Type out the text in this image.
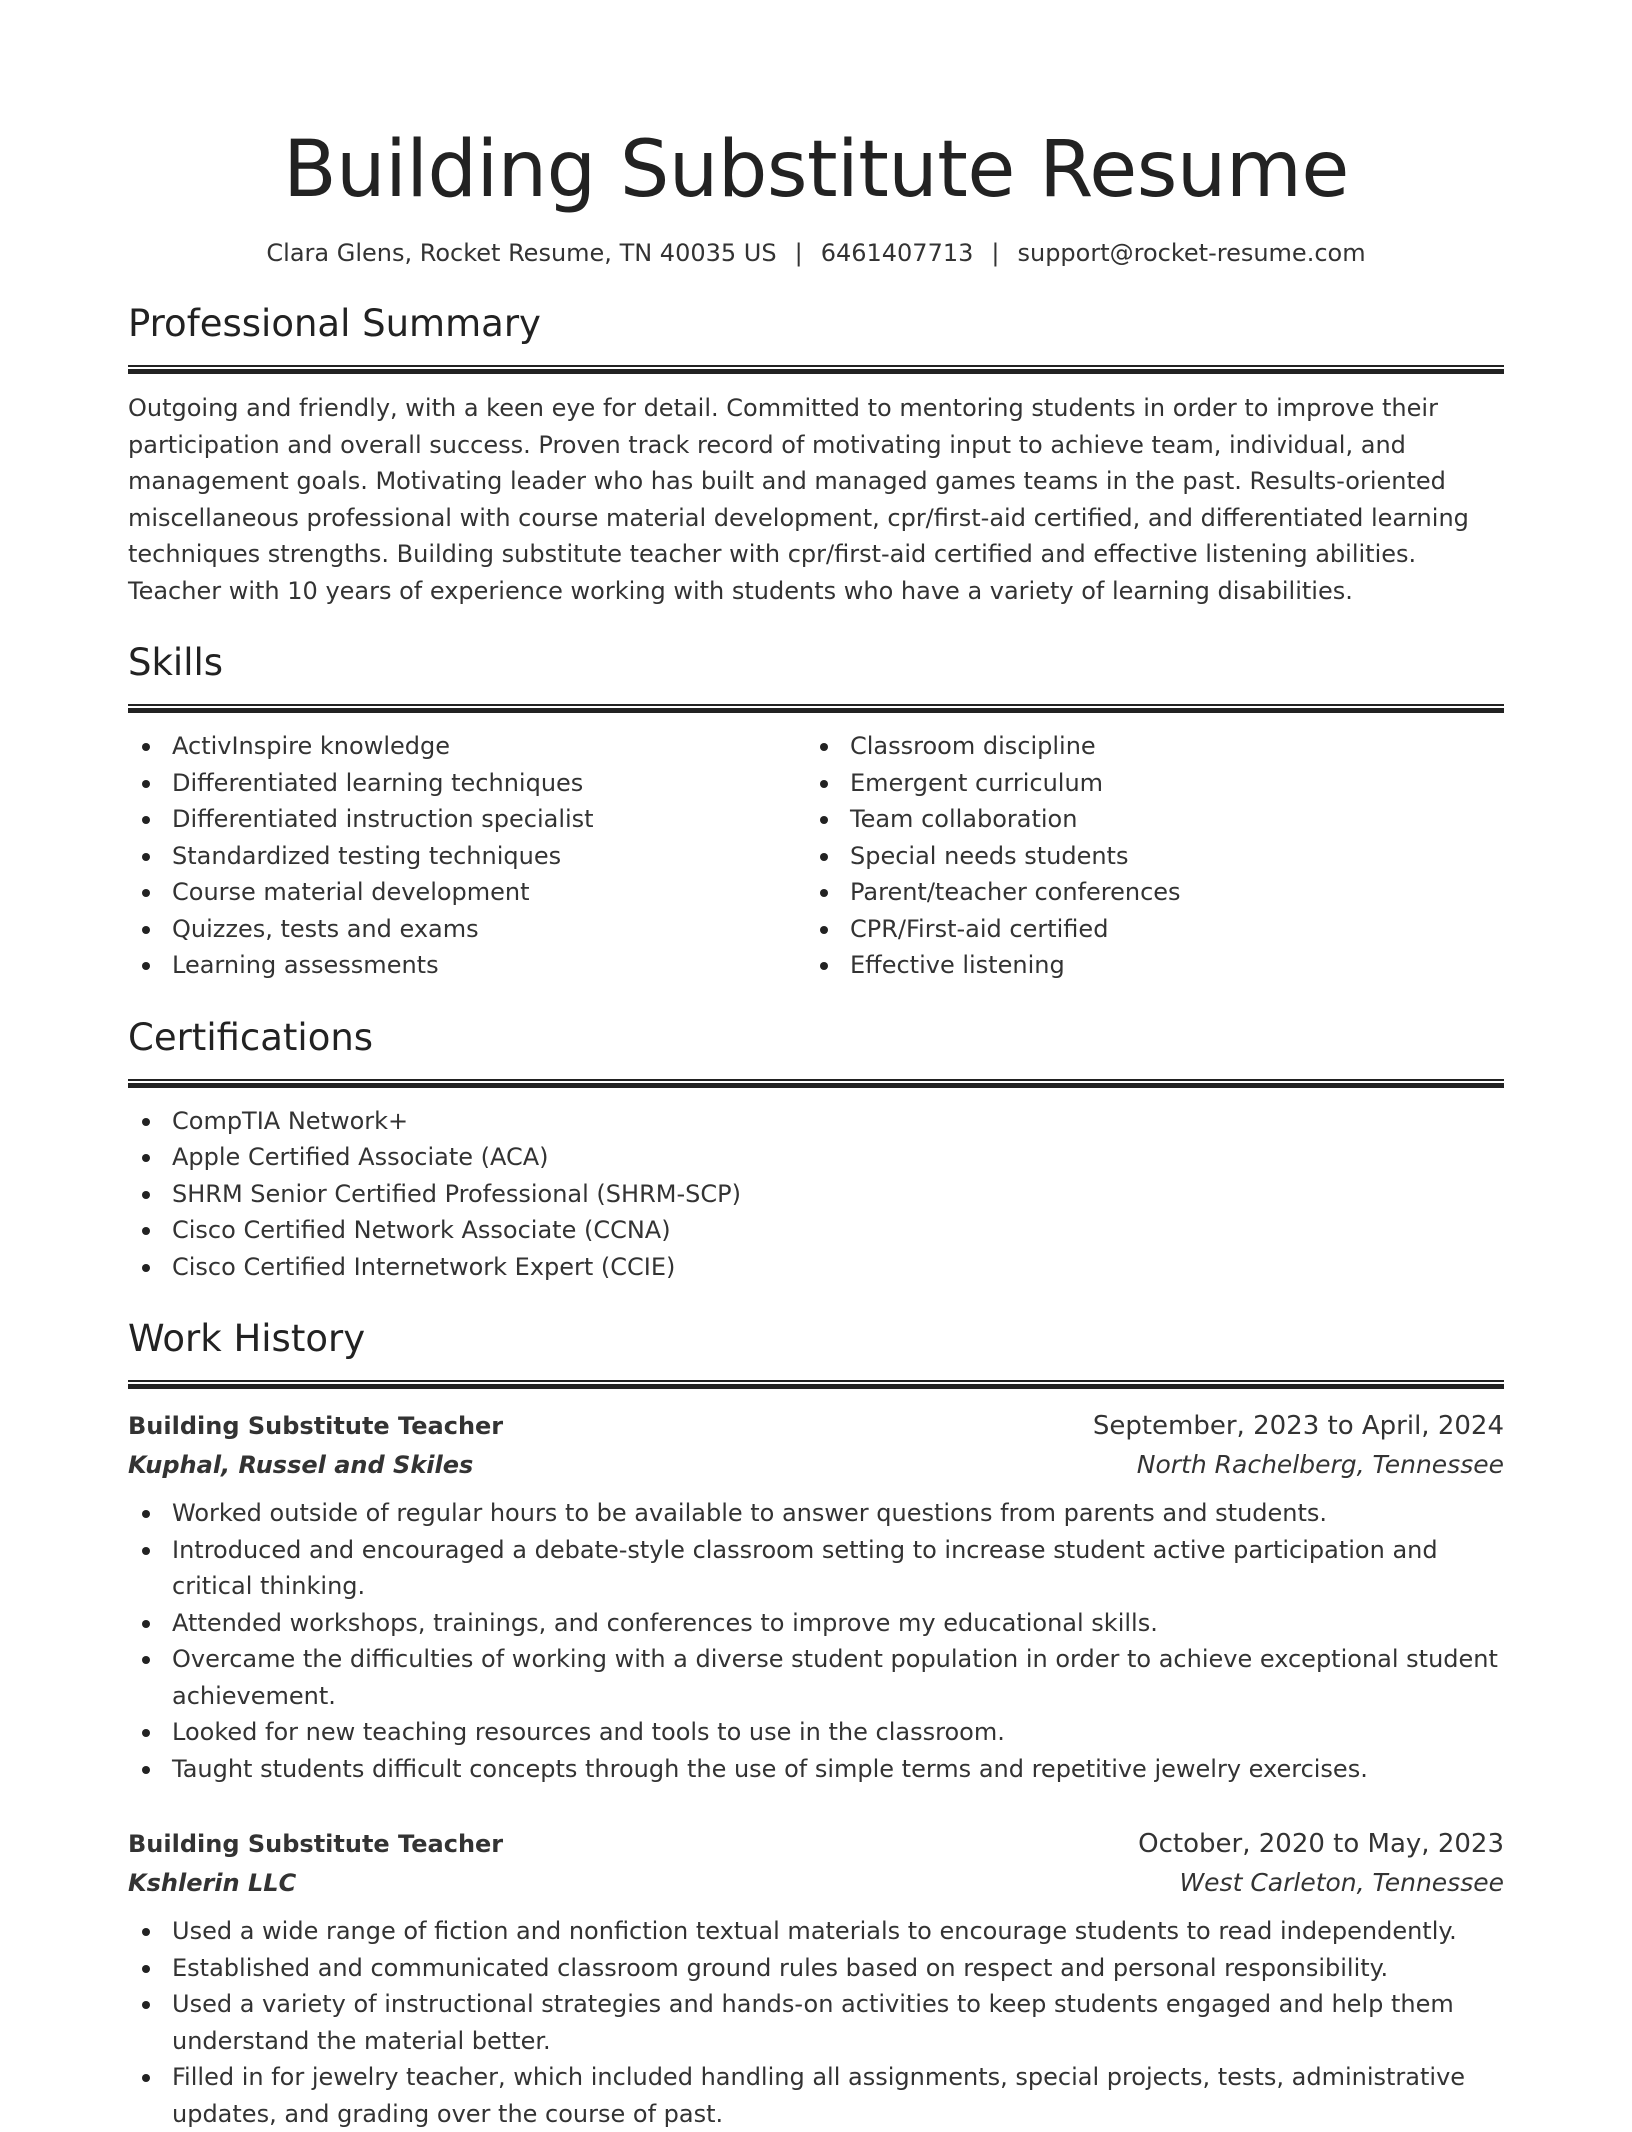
Building Substitute Resume
Clara Glens, Rocket Resume, TN 40035 US | 6461407713 | support@rocket-resume.com
Professional Summary

Outgoing and friendly, with a keen eye for detail. Committed to mentoring students in order to improve their participation and overall success. Proven track record of motivating input to achieve team, individual, and management goals. Motivating leader who has built and managed games teams in the past. Results-oriented miscellaneous professional with course material development, cpr/first-aid certified, and differentiated learning techniques strengths. Building substitute teacher with cpr/first-aid certified and effective listening abilities. Teacher with 10 years of experience working with students who have a variety of learning disabilities.

Skills
ActivInspire knowledge
Differentiated learning techniques
Differentiated instruction specialist
Standardized testing techniques
Course material development
Quizzes, tests and exams
Learning assessments
Classroom discipline
Emergent curriculum
Team collaboration
Special needs students
Parent/teacher conferences
CPR/First-aid certified
Effective listening
Certifications
CompTIA Network+
Apple Certified Associate (ACA)
SHRM Senior Certified Professional (SHRM-SCP)
Cisco Certified Network Associate (CCNA)
Cisco Certified Internetwork Expert (CCIE)
Work History
Building Substitute Teacher	September, 2023 to April, 2024
Kuphal, Russel and Skiles	North Rachelberg, Tennessee
Worked outside of regular hours to be available to answer questions from parents and students.
Introduced and encouraged a debate-style classroom setting to increase student active participation and critical thinking.
Attended workshops, trainings, and conferences to improve my educational skills.
Overcame the difficulties of working with a diverse student population in order to achieve exceptional student achievement.
Looked for new teaching resources and tools to use in the classroom.
Taught students difficult concepts through the use of simple terms and repetitive jewelry exercises.
Building Substitute Teacher	October, 2020 to May, 2023
Kshlerin LLC	West Carleton, Tennessee
Used a wide range of fiction and nonfiction textual materials to encourage students to read independently.
Established and communicated classroom ground rules based on respect and personal responsibility.
Used a variety of instructional strategies and hands-on activities to keep students engaged and help them understand the material better.
Filled in for jewelry teacher, which included handling all assignments, special projects, tests, administrative updates, and grading over the course of past.
